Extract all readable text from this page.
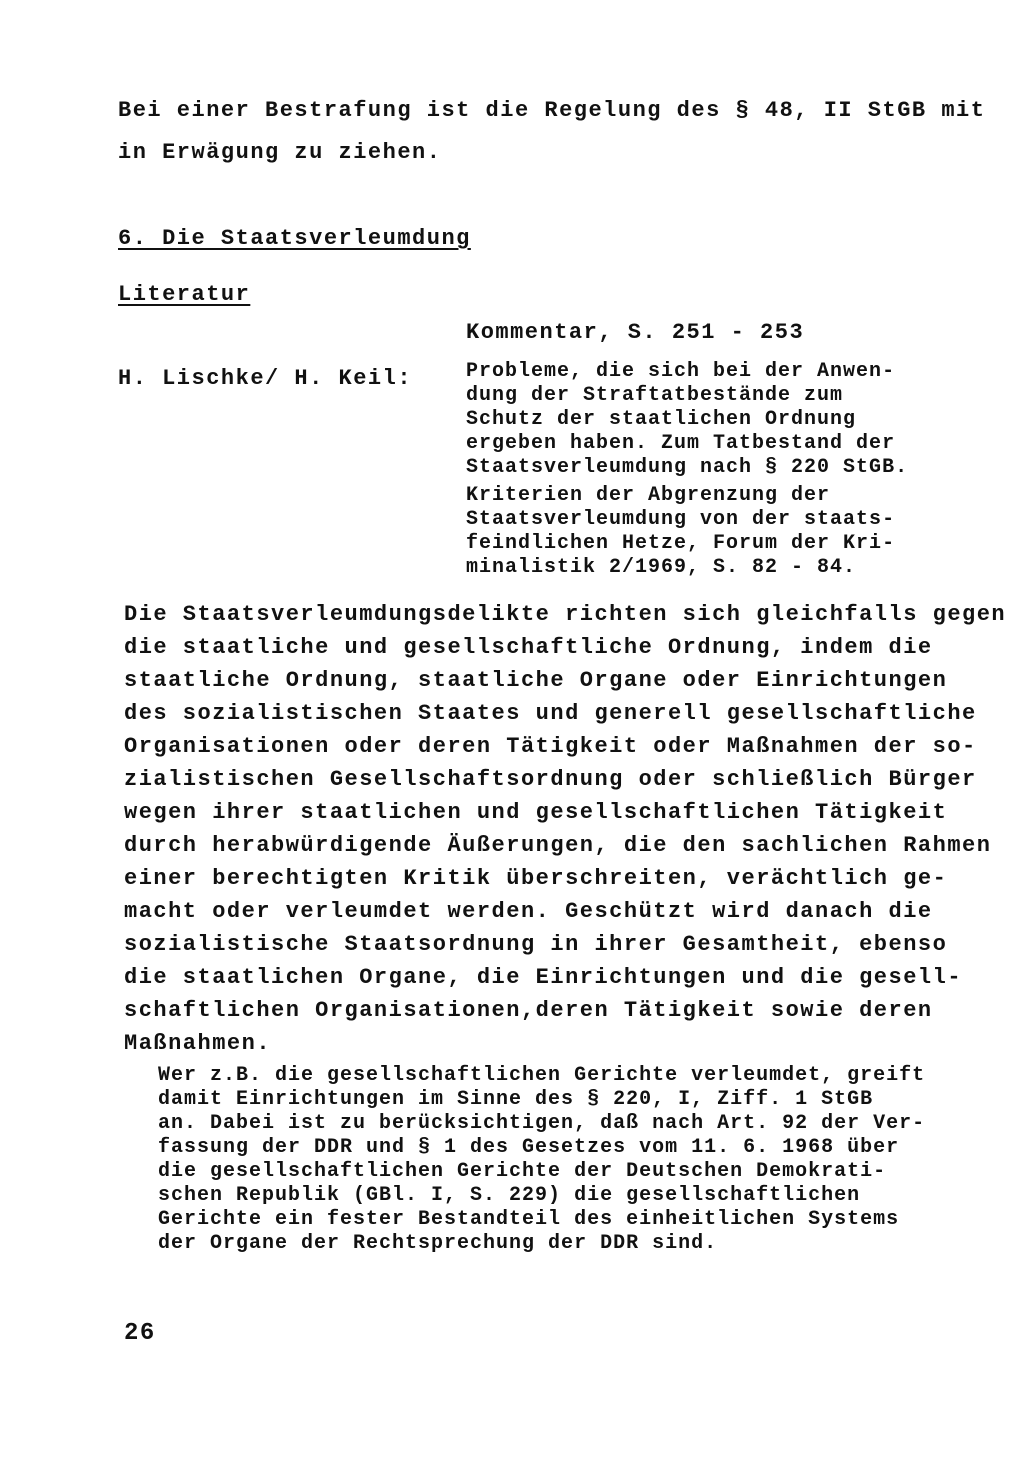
Bei einer Bestrafung ist die Regelung des § 48, II StGB mit
in Erwägung zu ziehen.
6. Die Staatsverleumdung
Literatur
Kommentar, S. 251 - 253
H. Lischke/ H. Keil:	Probleme, die sich bei der Anwen-
dung der Straftatbestände zum
Schutz der staatlichen Ordnung
ergeben haben. Zum Tatbestand der
Staatsverleumdung nach § 220 StGB.
Kriterien der Abgrenzung der
Staatsverleumdung von der staats-
feindlichen Hetze, Forum der Kri-
minalistik 2/1969, S. 82 - 84.
Die Staatsverleumdungsdelikte richten sich gleichfalls gegen
die staatliche und gesellschaftliche Ordnung, indem die
staatliche Ordnung, staatliche Organe oder Einrichtungen
des sozialistischen Staates und generell gesellschaftliche
Organisationen oder deren Tätigkeit oder Maßnahmen der so-
zialistischen Gesellschaftsordnung oder schließlich Bürger
wegen ihrer staatlichen und gesellschaftlichen Tätigkeit
durch herabwürdigende Äußerungen, die den sachlichen Rahmen
einer berechtigten Kritik überschreiten, verächtlich ge-
macht oder verleumdet werden. Geschützt wird danach die
sozialistische Staatsordnung in ihrer Gesamtheit, ebenso
die staatlichen Organe, die Einrichtungen und die gesell-
schaftlichen Organisationen,deren Tätigkeit sowie deren
Maßnahmen.
Wer z.B. die gesellschaftlichen Gerichte verleumdet, greift
damit Einrichtungen im Sinne des § 220, I, Ziff. 1 StGB
an. Dabei ist zu berücksichtigen, daß nach Art. 92 der Ver-
fassung der DDR und § 1 des Gesetzes vom 11. 6. 1968 über
die gesellschaftlichen Gerichte der Deutschen Demokrati-
schen Republik (GBl. I, S. 229) die gesellschaftlichen
Gerichte ein fester Bestandteil des einheitlichen Systems
der Organe der Rechtsprechung der DDR sind.
26
